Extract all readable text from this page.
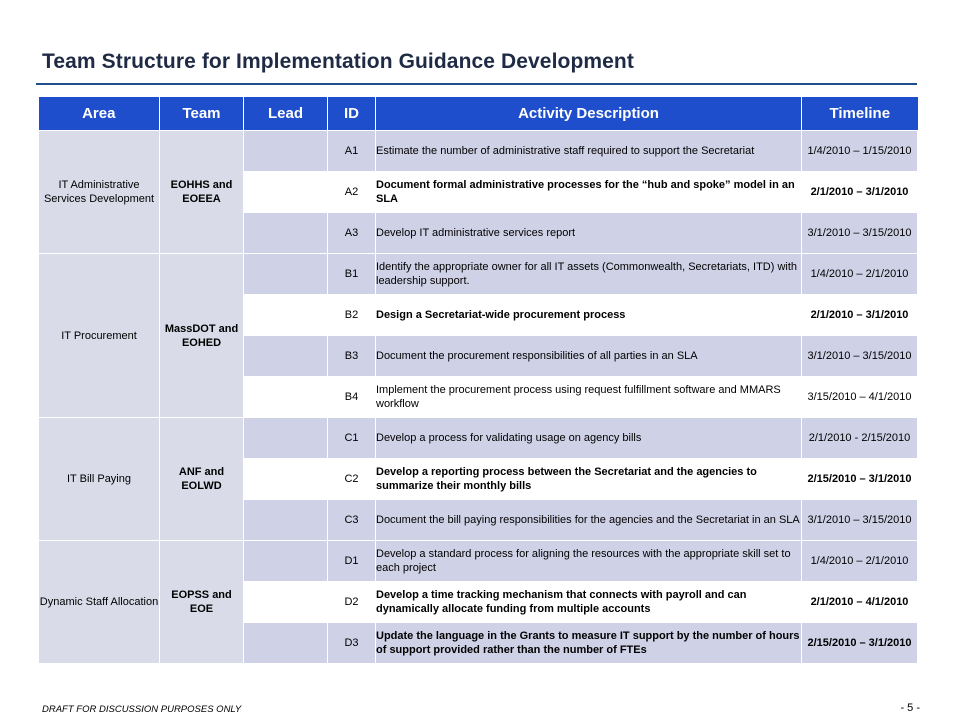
Team Structure for Implementation Guidance Development
Area	Team	Lead	ID	Activity Description	Timeline
IT Administrative Services Development	EOHHS and EOEEA		A1	Estimate the number of administrative staff required to support the Secretariat	1/4/2010 – 1/15/2010
			A2	Document formal administrative processes for the “hub and spoke” model in an SLA	2/1/2010 – 3/1/2010
			A3	Develop IT administrative services report	3/1/2010 – 3/15/2010
IT Procurement	MassDOT and EOHED		B1	Identify the appropriate owner for all IT assets (Commonwealth, Secretariats, ITD) with leadership support.	1/4/2010 – 2/1/2010
			B2	Design a Secretariat-wide procurement process	2/1/2010 – 3/1/2010
			B3	Document the procurement responsibilities of all parties in an SLA	3/1/2010 – 3/15/2010
			B4	Implement the procurement process using request fulfillment software and MMARS workflow	3/15/2010 – 4/1/2010
IT Bill Paying	ANF and EOLWD		C1	Develop a process for validating usage on agency bills	2/1/2010 - 2/15/2010
			C2	Develop a reporting process between the Secretariat and the agencies to summarize their monthly bills	2/15/2010 – 3/1/2010
			C3	Document the bill paying responsibilities for the agencies and the Secretariat in an SLA	3/1/2010 – 3/15/2010
Dynamic Staff Allocation	EOPSS and EOE		D1	Develop a standard process for aligning the resources with the appropriate skill set to each project	1/4/2010 – 2/1/2010
			D2	Develop a time tracking mechanism that connects with payroll and can dynamically allocate funding from multiple accounts	2/1/2010 – 4/1/2010
			D3	Update the language in the Grants to measure IT support by the number of hours of support provided rather than the number of FTEs	2/15/2010 – 3/1/2010
DRAFT FOR DISCUSSION PURPOSES ONLY	- 5 -
